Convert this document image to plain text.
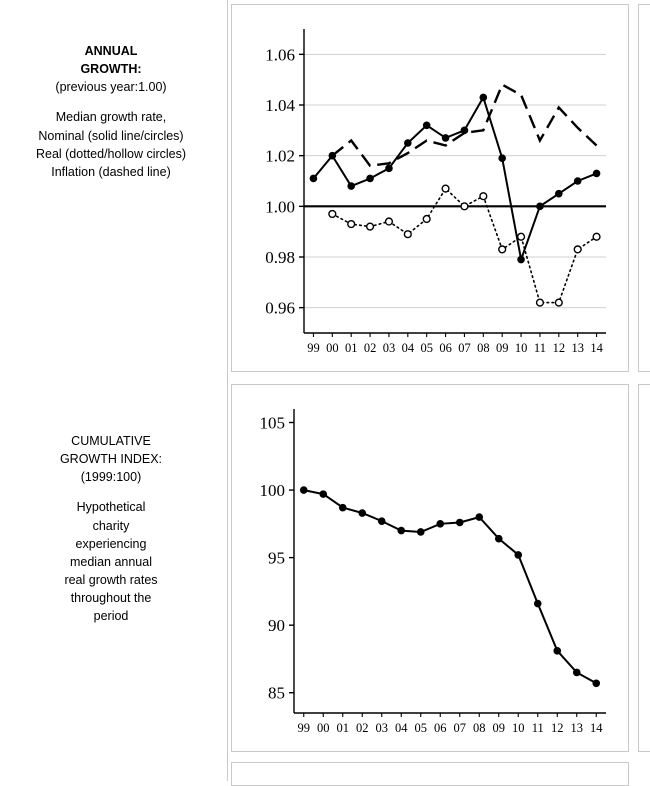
ANNUAL
GROWTH:
(previous year:1.00)
Median growth rate,
Nominal (solid line/circles)
Real (dotted/hollow circles)
Inflation (dashed line)
CUMULATIVE
GROWTH INDEX:
(1999:100)
Hypothetical
charity
experiencing
median annual
real growth rates
throughout the
period
0.96
0.98
1.00
1.02
1.04
1.06
99 00 01 02 03 04 05 06 07 08 09 10 11 12 13 14
85
90
95
100
105
99 00 01 02 03 04 05 06 07 08 09 10 11 12 13 14
